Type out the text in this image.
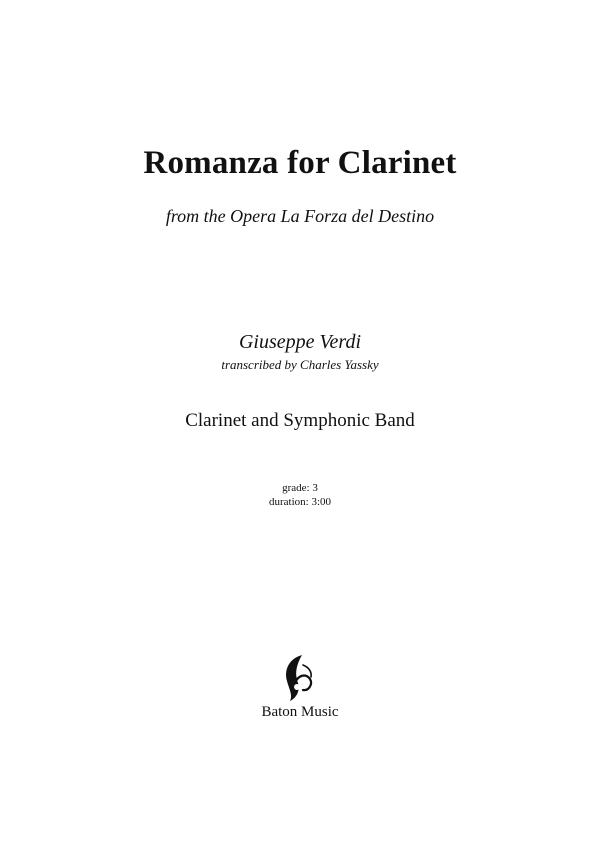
Romanza for Clarinet
from the Opera La Forza del Destino
Giuseppe Verdi
transcribed by Charles Yassky
Clarinet and Symphonic Band
grade: 3
duration: 3:00
Baton Music
